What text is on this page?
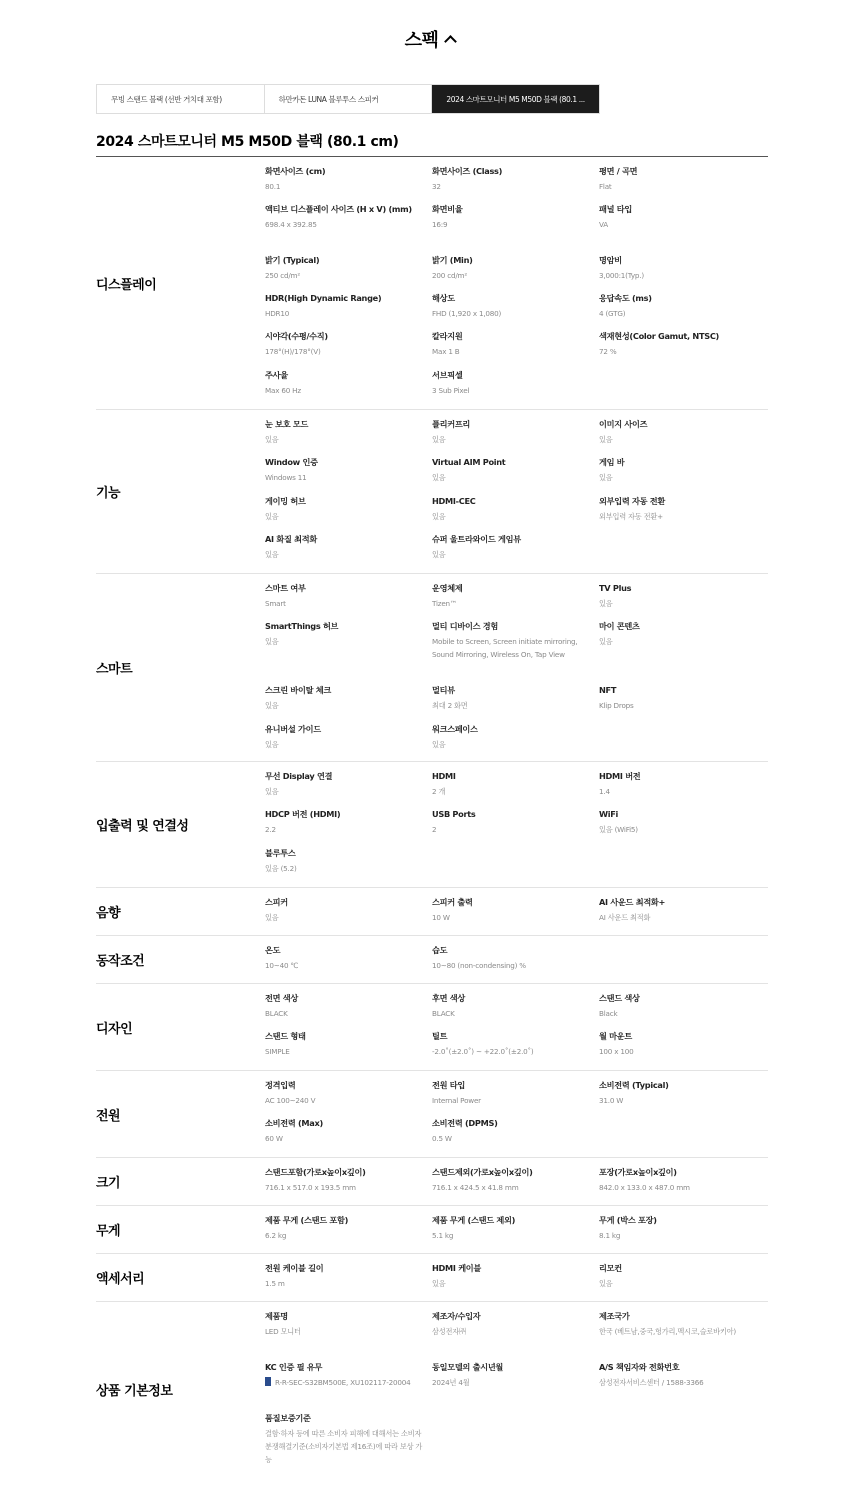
스펙
무빙 스탠드 블랙 (선반 거치대 포함)	하만카돈 LUNA 블루투스 스피커	2024 스마트모니터 M5 M50D 블랙 (80.1 ...
2024 스마트모니터 M5 M50D 블랙 (80.1 cm)
디스플레이
화면사이즈 (cm)
80.1
화면사이즈 (Class)
32
평면 / 곡면
Flat
액티브 디스플레이 사이즈 (H x V) (mm)
698.4 x 392.85
화면비율
16:9
패널 타입
VA
밝기 (Typical)
250 cd/m²
밝기 (Min)
200 cd/m²
명암비
3,000:1(Typ.)
HDR(High Dynamic Range)
HDR10
해상도
FHD (1,920 x 1,080)
응답속도 (ms)
4 (GTG)
시야각(수평/수직)
178°(H)/178°(V)
칼라지원
Max 1 B
색재현성(Color Gamut, NTSC)
72 %
주사율
Max 60 Hz
서브픽셀
3 Sub Pixel
기능
눈 보호 모드
있음
플리커프리
있음
이미지 사이즈
있음
Window 인증
Windows 11
Virtual AIM Point
있음
게임 바
있음
게이밍 허브
있음
HDMI-CEC
있음
외부입력 자동 전환
외부입력 자동 전환+
AI 화질 최적화
있음
슈퍼 울트라와이드 게임뷰
있음
스마트
스마트 여부
Smart
운영체제
Tizen™
TV Plus
있음
SmartThings 허브
있음
멀티 디바이스 경험
Mobile to Screen, Screen initiate mirroring, Sound Mirroring, Wireless On, Tap View
마이 콘텐츠
있음
스크린 바이탈 체크
있음
멀티뷰
최대 2 화면
NFT
Klip Drops
유니버설 가이드
있음
워크스페이스
있음
입출력 및 연결성
무선 Display 연결
있음
HDMI
2 개
HDMI 버전
1.4
HDCP 버전 (HDMI)
2.2
USB Ports
2
WiFi
있음 (WiFi5)
블루투스
있음 (5.2)
음향
스피커
있음
스피커 출력
10 W
AI 사운드 최적화+
AI 사운드 최적화
동작조건
온도
10~40 ℃
습도
10~80 (non-condensing) %
디자인
전면 색상
BLACK
후면 색상
BLACK
스탠드 색상
Black
스탠드 형태
SIMPLE
틸트
-2.0˚(±2.0˚) ~ +22.0˚(±2.0˚)
월 마운트
100 x 100
전원
정격입력
AC 100~240 V
전원 타입
Internal Power
소비전력 (Typical)
31.0 W
소비전력 (Max)
60 W
소비전력 (DPMS)
0.5 W
크기
스탠드포함(가로x높이x깊이)
716.1 x 517.0 x 193.5 mm
스탠드제외(가로x높이x깊이)
716.1 x 424.5 x 41.8 mm
포장(가로x높이x깊이)
842.0 x 133.0 x 487.0 mm
무게
제품 무게 (스탠드 포함)
6.2 kg
제품 무게 (스탠드 제외)
5.1 kg
무게 (박스 포장)
8.1 kg
액세서리
전원 케이블 길이
1.5 m
HDMI 케이블
있음
리모컨
있음
상품 기본정보
제품명
LED 모니터
제조자/수입자
삼성전자㈜
제조국가
한국 (베트남,중국,헝가리,멕시코,슬로바키아)
KC 인증 필 유무
R-R-SEC-S32BM500E, XU102117-20004
동일모델의 출시년월
2024년 4월
A/S 책임자와 전화번호
삼성전자서비스센터 / 1588-3366
품질보증기준
결함·하자 등에 따른 소비자 피해에 대해서는 소비자분쟁해결기준(소비자기본법 제16조)에 따라 보상 가능
